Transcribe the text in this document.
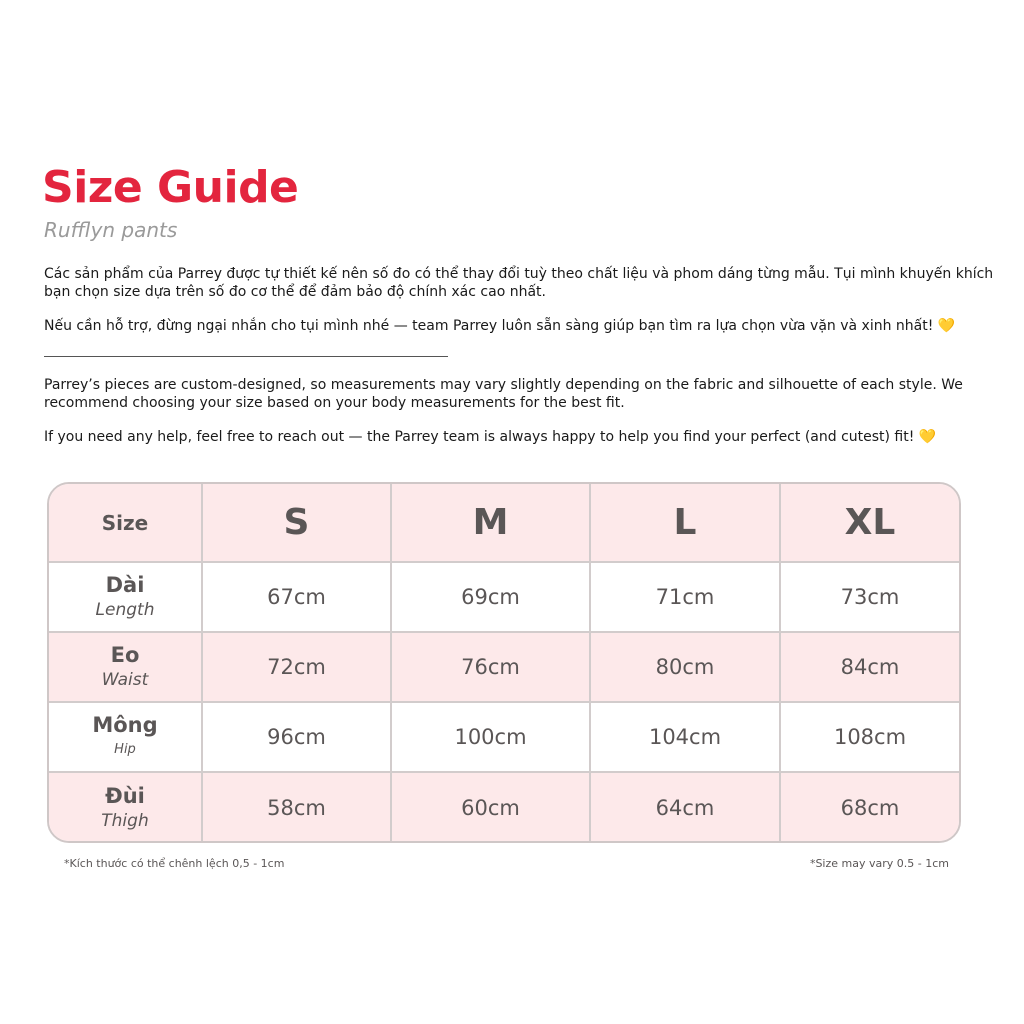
Size Guide
Rufflyn pants

Các sản phẩm của Parrey được tự thiết kế nên số đo có thể thay đổi tuỳ theo chất liệu và phom dáng từng mẫu. Tụi mình khuyến khích bạn chọn size dựa trên số đo cơ thể để đảm bảo độ chính xác cao nhất.

Nếu cần hỗ trợ, đừng ngại nhắn cho tụi mình nhé — team Parrey luôn sẵn sàng giúp bạn tìm ra lựa chọn vừa vặn và xinh nhất! 💛

Parrey’s pieces are custom-designed, so measurements may vary slightly depending on the fabric and silhouette of each style. We recommend choosing your size based on your body measurements for the best fit.

If you need any help, feel free to reach out — the Parrey team is always happy to help you find your perfect (and cutest) fit! 💛

Size	S	M	L	XL

Dài
Length	67cm	69cm	71cm	73cm

Eo
Waist	72cm	76cm	80cm	84cm

Mông
Hip	96cm	100cm	104cm	108cm

Đùi
Thigh	58cm	60cm	64cm	68cm
*Kích thước có thể chênh lệch 0,5 - 1cm	*Size may vary 0.5 - 1cm
